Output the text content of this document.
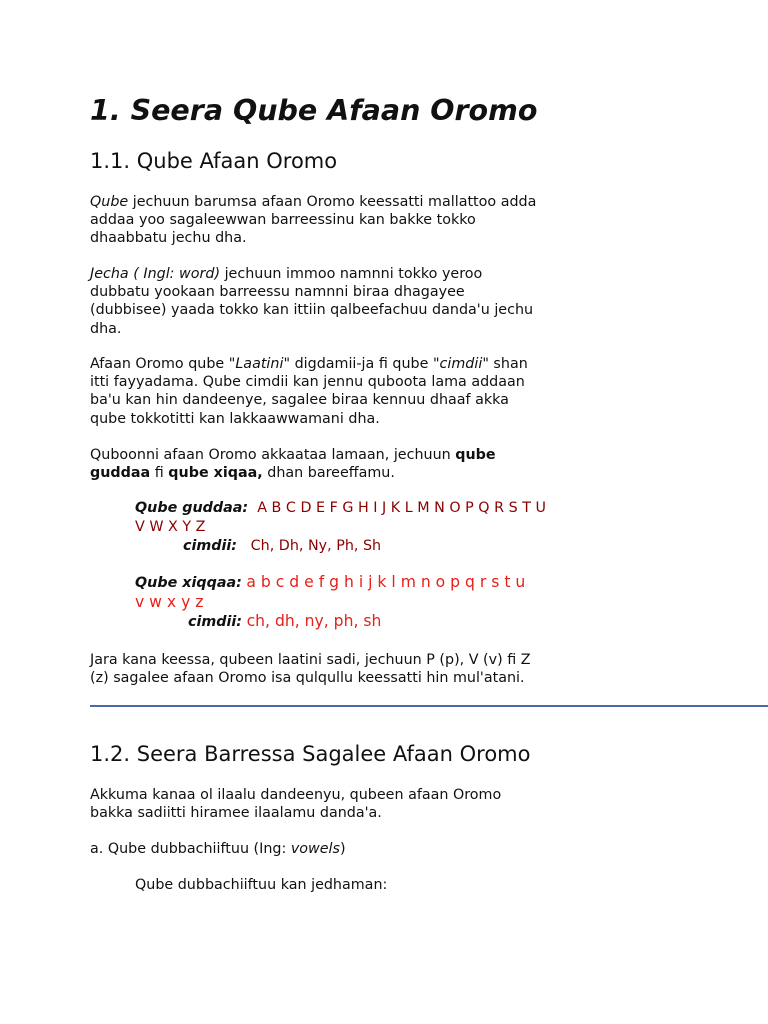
1. Seera Qube Afaan Oromo
1.1. Qube Afaan Oromo
Qube jechuun barumsa afaan Oromo keessatti mallattoo adda
addaa yoo sagaleewwan barreessinu kan bakke tokko
dhaabbatu jechu dha.
Jecha ( Ingl: word) jechuun immoo namnni tokko yeroo
dubbatu yookaan barreessu namnni biraa dhagayee
(dubbisee) yaada tokko kan ittiin qalbeefachuu danda'u jechu
dha.
Afaan Oromo qube "Laatini" digdamii-ja fi qube "cimdii" shan
itti fayyadama. Qube cimdii kan jennu quboota lama addaan
ba'u kan hin dandeenye, sagalee biraa kennuu dhaaf akka
qube tokkotitti kan lakkaawwamani dha.
Quboonni afaan Oromo akkaataa lamaan, jechuun qube
guddaa fi qube xiqaa, dhan bareeffamu.
Qube guddaa: A B C D E F G H I J K L M N O P Q R S T U
V W X Y Z
cimdii: Ch, Dh, Ny, Ph, Sh
Qube xiqqaa: a b c d e f g h i j k l m n o p q r s t u
v w x y z
cimdii: ch, dh, ny, ph, sh
Jara kana keessa, qubeen laatini sadi, jechuun P (p), V (v) fi Z
(z) sagalee afaan Oromo isa qulqullu keessatti hin mul'atani.
1.2. Seera Barressa Sagalee Afaan Oromo
Akkuma kanaa ol ilaalu dandeenyu, qubeen afaan Oromo
bakka sadiitti hiramee ilaalamu danda'a.
a. Qube dubbachiiftuu (Ing: vowels)
Qube dubbachiiftuu kan jedhaman:
